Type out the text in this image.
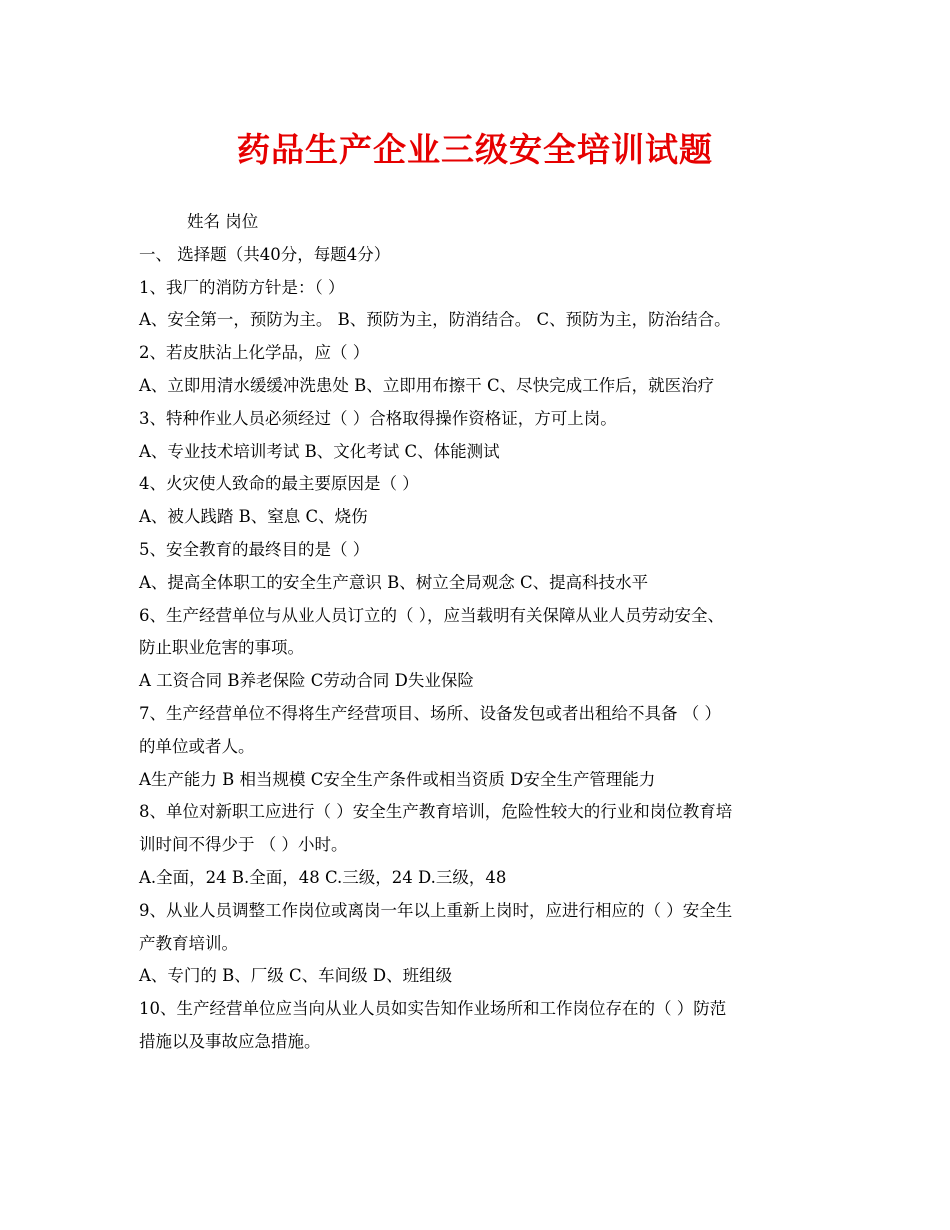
药品生产企业三级安全培训试题
姓名 岗位
一、 选择题（共40分，每题4分）
1、我厂的消防方针是：（ ）
A、安全第一，预防为主。 B、预防为主，防消结合。 C、预防为主，防治结合。
2、若皮肤沾上化学品，应（ ）
A、立即用清水缓缓冲洗患处 B、立即用布擦干 C、尽快完成工作后，就医治疗
3、特种作业人员必须经过（ ）合格取得操作资格证，方可上岗。
A、专业技术培训考试 B、文化考试 C、体能测试
4、火灾使人致命的最主要原因是（ ）
A、被人践踏 B、窒息 C、烧伤
5、安全教育的最终目的是（ ）
A、提高全体职工的安全生产意识 B、树立全局观念 C、提高科技水平
6、生产经营单位与从业人员订立的（ ），应当载明有关保障从业人员劳动安全、
防止职业危害的事项。
A 工资合同 B养老保险 C劳动合同 D失业保险
7、生产经营单位不得将生产经营项目、场所、设备发包或者出租给不具备 （ ）
的单位或者人。
A生产能力 B 相当规模 C安全生产条件或相当资质 D安全生产管理能力
8、单位对新职工应进行（ ）安全生产教育培训，危险性较大的行业和岗位教育培
训时间不得少于 （ ）小时。
A.全面，24 B.全面，48 C.三级，24 D.三级，48
9、从业人员调整工作岗位或离岗一年以上重新上岗时，应进行相应的（ ）安全生
产教育培训。
A、专门的 B、厂级 C、车间级 D、班组级
10、生产经营单位应当向从业人员如实告知作业场所和工作岗位存在的（ ）防范
措施以及事故应急措施。
